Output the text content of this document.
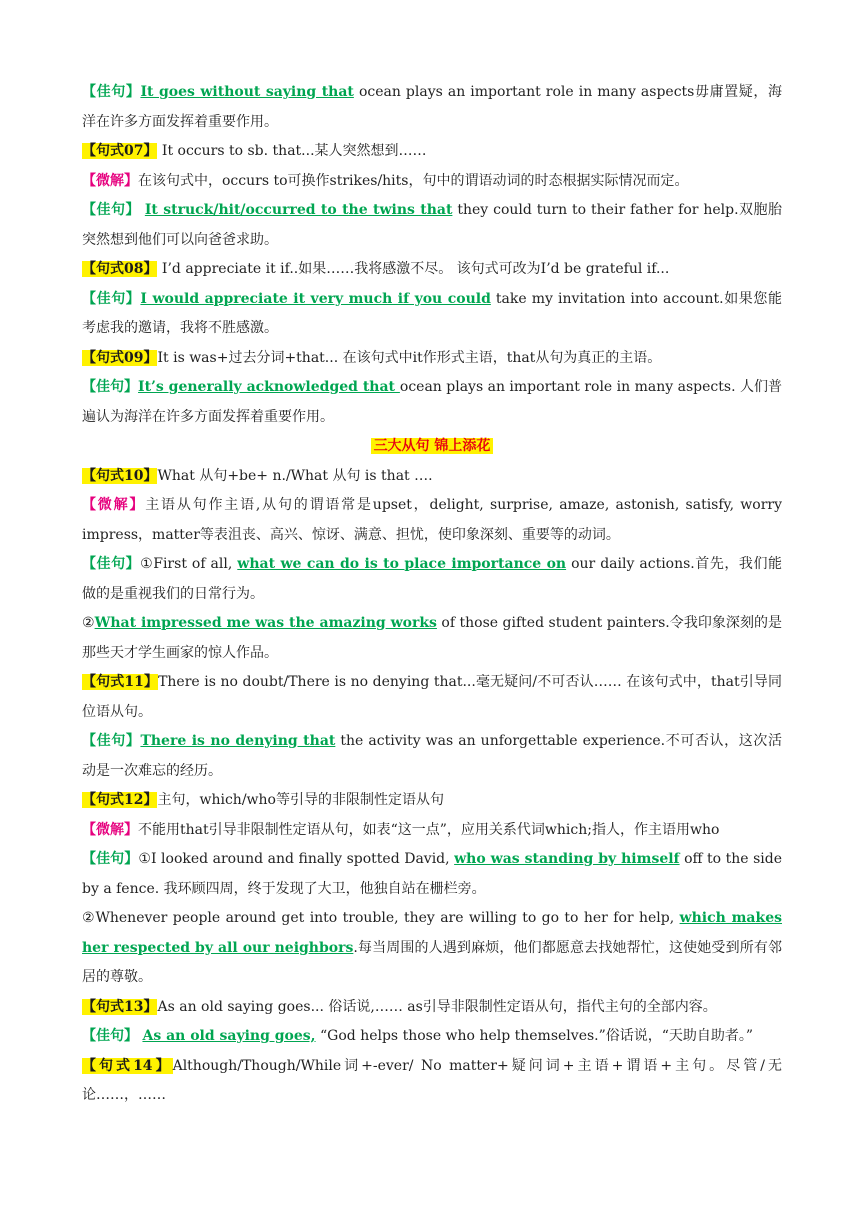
【佳句】It goes without saying that ocean plays an important role in many aspects毋庸置疑，海洋在许多方面发挥着重要作用。

【句式07】 It occurs to sb. that...某人突然想到……

【微解】在该句式中，occurs to可换作strikes/hits，句中的谓语动词的时态根据实际情况而定。

【佳句】 It struck/hit/occurred to the twins that they could turn to their father for help.双胞胎突然想到他们可以向爸爸求助。

【句式08】 I’d appreciate it if..如果……我将感激不尽。 该句式可改为I’d be grateful if...

【佳句】I would appreciate it very much if you could take my invitation into account.如果您能考虑我的邀请，我将不胜感激。

【句式09】It is was+过去分词+that... 在该句式中it作形式主语，that从句为真正的主语。

【佳句】It’s generally acknowledged that ocean plays an important role in many aspects. 人们普遍认为海洋在许多方面发挥着重要作用。

三大从句 锦上添花

【句式10】What 从句+be+ n./What 从句 is that ….

【微解】主语从句作主语,从句的谓语常是upset，delight, surprise, amaze, astonish, satisfy, worry impress，matter等表沮丧、高兴、惊讶、满意、担忧，使印象深刻、重要等的动词。

【佳句】①First of all, what we can do is to place importance on our daily actions.首先，我们能做的是重视我们的日常行为。

②What impressed me was the amazing works of those gifted student painters.令我印象深刻的是那些天才学生画家的惊人作品。

【句式11】There is no doubt/There is no denying that...毫无疑问/不可否认…… 在该句式中，that引导同位语从句。

【佳句】There is no denying that the activity was an unforgettable experience.不可否认，这次活动是一次难忘的经历。

【句式12】主句，which/who等引导的非限制性定语从句

【微解】不能用that引导非限制性定语从句，如表“这一点”，应用关系代词which;指人，作主语用who

【佳句】①I looked around and finally spotted David, who was standing by himself off to the side by a fence. 我环顾四周，终于发现了大卫，他独自站在栅栏旁。

②Whenever people around get into trouble, they are willing to go to her for help, which makes her respected by all our neighbors.每当周围的人遇到麻烦，他们都愿意去找她帮忙，这使她受到所有邻居的尊敬。

【句式13】As an old saying goes... 俗话说,…… as引导非限制性定语从句，指代主句的全部内容。

【佳句】 As an old saying goes, “God helps those who help themselves.”俗话说，“天助自助者。”

【句式14】Although/Though/While词+-ever/ No matter+疑问词+主语+谓语+主句。尽管/无论……，……
